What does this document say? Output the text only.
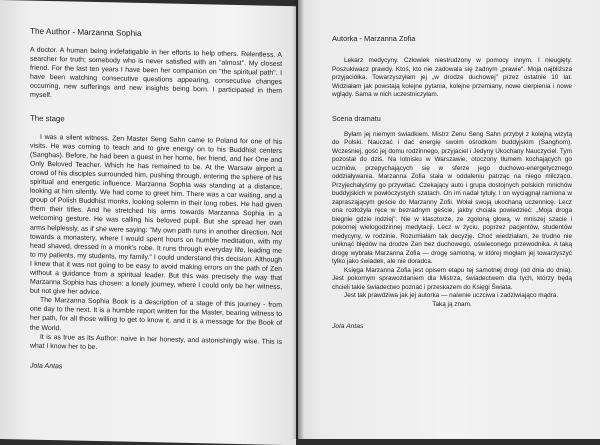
The Author - Marzanna Sophia

A doctor. A human being indefatigable in her efforts to help others. Relentless. A searcher for truth; somebody who is never satisfied with an "almost". My closest friend. For the last ten years I have been her companion on "the spiritual path". I have been watching consecutive questions appearing, consecutive changes occurring, new sufferings and new insights being born. I participated in them myself.

The stage

I was a silent witness. Zen Master Seng Sahn came to Poland for one of his visits. He was coming to teach and to give energy on to his Buddhist centers (Sanghas). Before, he had been a guest in her home, her friend, and her One and Only Beloved Teacher. Which he has remained to be. At the Warsaw airport a crowd of his disciples surrounded him, pushing through, entering the sphere of his spiritual and energetic influence. Marzanna Sophia was standing at a distance, looking at him silently. We had come to greet him. There was a car waiting, and a group of Polish Buddhist monks, looking solemn in their long robes. He had given them their titles. And he stretched his arms towards Marzanna Sophia in a welcoming gesture. He was calling his beloved pupil. But she spread her own arms helplessly, as if she were saying: "My own path runs in another direction. Not towards a monastery, where I would spent hours on humble meditation, with my head shaved, dressed in a monk's robe. It runs through everyday life, leading me to my patients, my students, my family." I could understand this decision. Although I knew that it was not going to be easy to avoid making errors on the path of Zen without a guidance from a spiritual leader. But this was precisely the way that Marzanna Sophia has chosen: a lonely journey, where I could only be her witness, but not give her advice.

The Marzanna Sophia Book is a description of a stage of this journey - from one day to the next. It is a humble report written for the Master, bearing witness to her path, for all those willing to get to know it, and it is a message for the Book of the World.

It is as true as its Author: naive in her honesty, and astonishingly wise. This is what I know her to be.

Jola Antas

Autorka - Marzanna Zofia

Lekarz medycyny. Człowiek niestrudzony w pomocy innym. I nieugięty. Poszukiwacz prawdy. Ktoś, kto nie zadowala się żadnym „prawie". Moja najbliższa przyjaciółka. Towarzyszyłam jej „w drodze duchowej" przez ostatnie 10 lat. Widziałam jak powstają kolejne pytania, kolejne przemiany, nowe cierpienia i nowe wglądy. Sama w nich uczestniczyłam.

Scena dramatu

Byłam jej niemym świadkiem. Mistrz Zenu Seng Sahn przybył z kolejną wizytą do Polski. Nauczać i dać energię swoim ośrodkom buddyjskim (Sanghom). Wcześniej, gość jej domu rodzinnego, przyjaciel i Jedyny Ukochany Nauczyciel. Tym pozostał do dziś. Na lotnisku w Warszawie, otoczony tłumem kochających go uczniów, przepychających się w sferze jego duchowo-energetycznego oddziaływania. Marzanna Zofia stała w oddaleniu patrząc na niego milcząco. Przyjechałyśmy go przywitać. Czekający auto i grupa dostojnych polskich mnichów buddyjskich w powłóczystych szatach. On im nadał tytuły. I on wyciągnął ramiona w zapraszającym geście do Marzanny Zofii. Wołał swoją ukochaną uczennicę. Lecz ona rozłożyła ręce w bezradnym geście, jakby chciała powiedzieć: „Moja droga biegnie gdzie indziej". Nie w klasztorze, ze zgoloną głową, w mniszej szacie i pokornej wielogodzinnej medytacji. Lecz w życiu, poprzez pacjentów, studentów medycyny, w rodzinie. Rozumiałam tak decyzję. Choć wiedziałam, że trudno nie uniknąć błędów na drodze Zen bez duchowego, oświeconego przewodnika. A taką drogę wybrała Marzanna Zofia — drogę samotną, w której mogłam jej towarzyszyć tylko jako świadek, ale nie doradca.

Księga Marzanna Zofia jest opisem etapu tej samotnej drogi (od dnia do dnia). Jest pokornym sprawozdaniem dla Mistrza, świadectwem dla tych, którzy będą chcieli takie świadectwo poznać i przeskazem do Księgi Świata.

Jest tak prawdziwa jak jej autorka — naiwnie uczciwa i zadziwiająco mądra.

Taką ją znam.

Jola Antas
